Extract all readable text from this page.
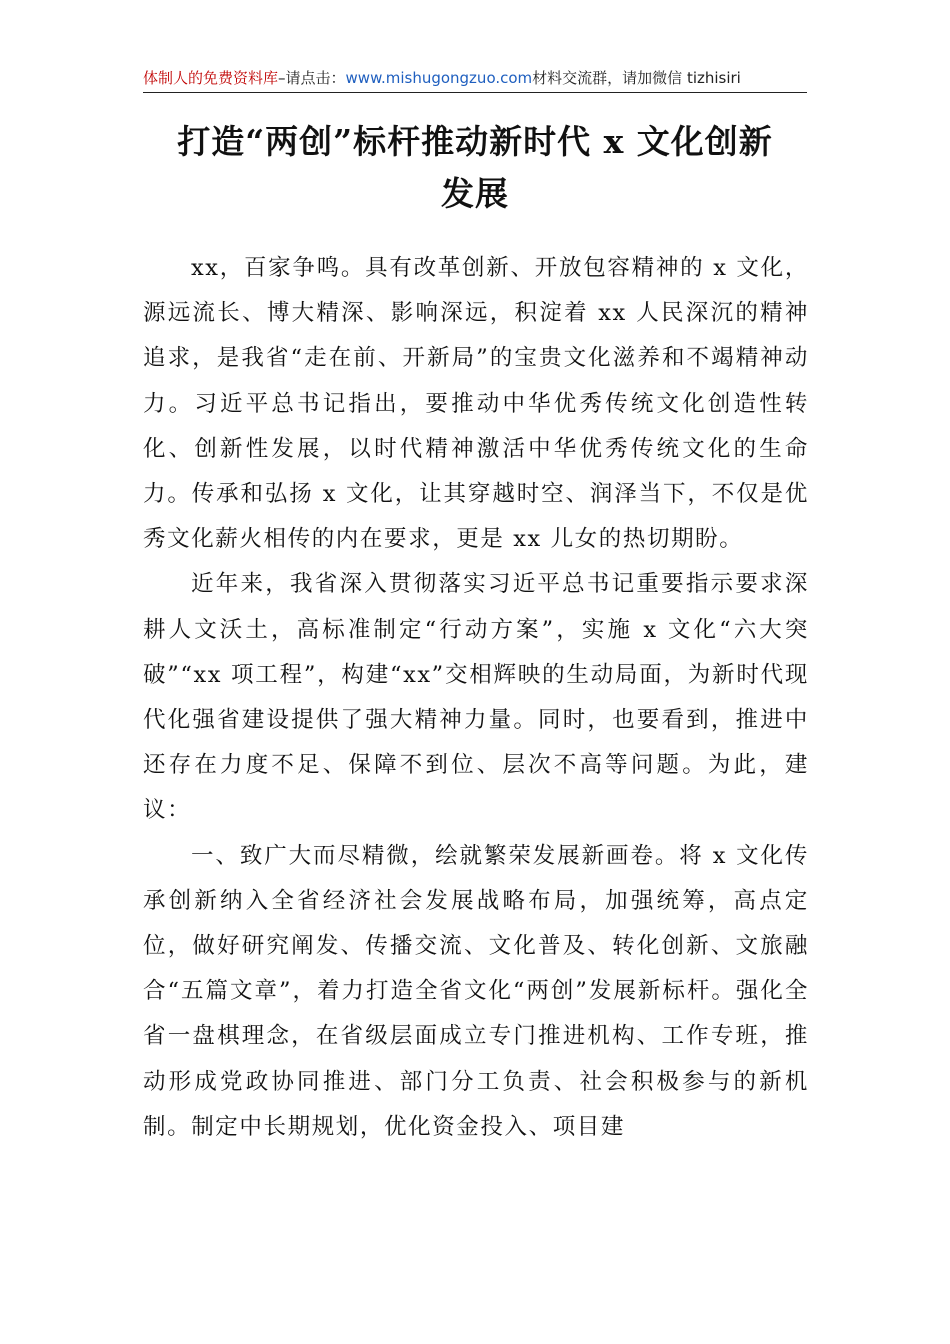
体制人的免费资料库–请点击：www.mishugongzuo.com材料交流群，请加微信 tizhisiri
打造“两创”标杆推动新时代 x 文化创新
发展

xx，百家争鸣。具有改革创新、开放包容精神的 x 文化，源远流长、博大精深、影响深远，积淀着 xx 人民深沉的精神追求，是我省“走在前、开新局”的宝贵文化滋养和不竭精神动力。习近平总书记指出，要推动中华优秀传统文化创造性转化、创新性发展，以时代精神激活中华优秀传统文化的生命力。传承和弘扬 x 文化，让其穿越时空、润泽当下，不仅是优秀文化薪火相传的内在要求，更是 xx 儿女的热切期盼。

近年来，我省深入贯彻落实习近平总书记重要指示要求深耕人文沃土，高标准制定“行动方案”，实施 x 文化“六大突破”“xx 项工程”，构建“xx”交相辉映的生动局面，为新时代现代化强省建设提供了强大精神力量。同时，也要看到，推进中还存在力度不足、保障不到位、层次不高等问题。为此，建议：

一、致广大而尽精微，绘就繁荣发展新画卷。将 x 文化传承创新纳入全省经济社会发展战略布局，加强统筹，高点定位，做好研究阐发、传播交流、文化普及、转化创新、文旅融合“五篇文章”，着力打造全省文化“两创”发展新标杆。强化全省一盘棋理念，在省级层面成立专门推进机构、工作专班，推动形成党政协同推进、部门分工负责、社会积极参与的新机制。制定中长期规划，优化资金投入、项目建
